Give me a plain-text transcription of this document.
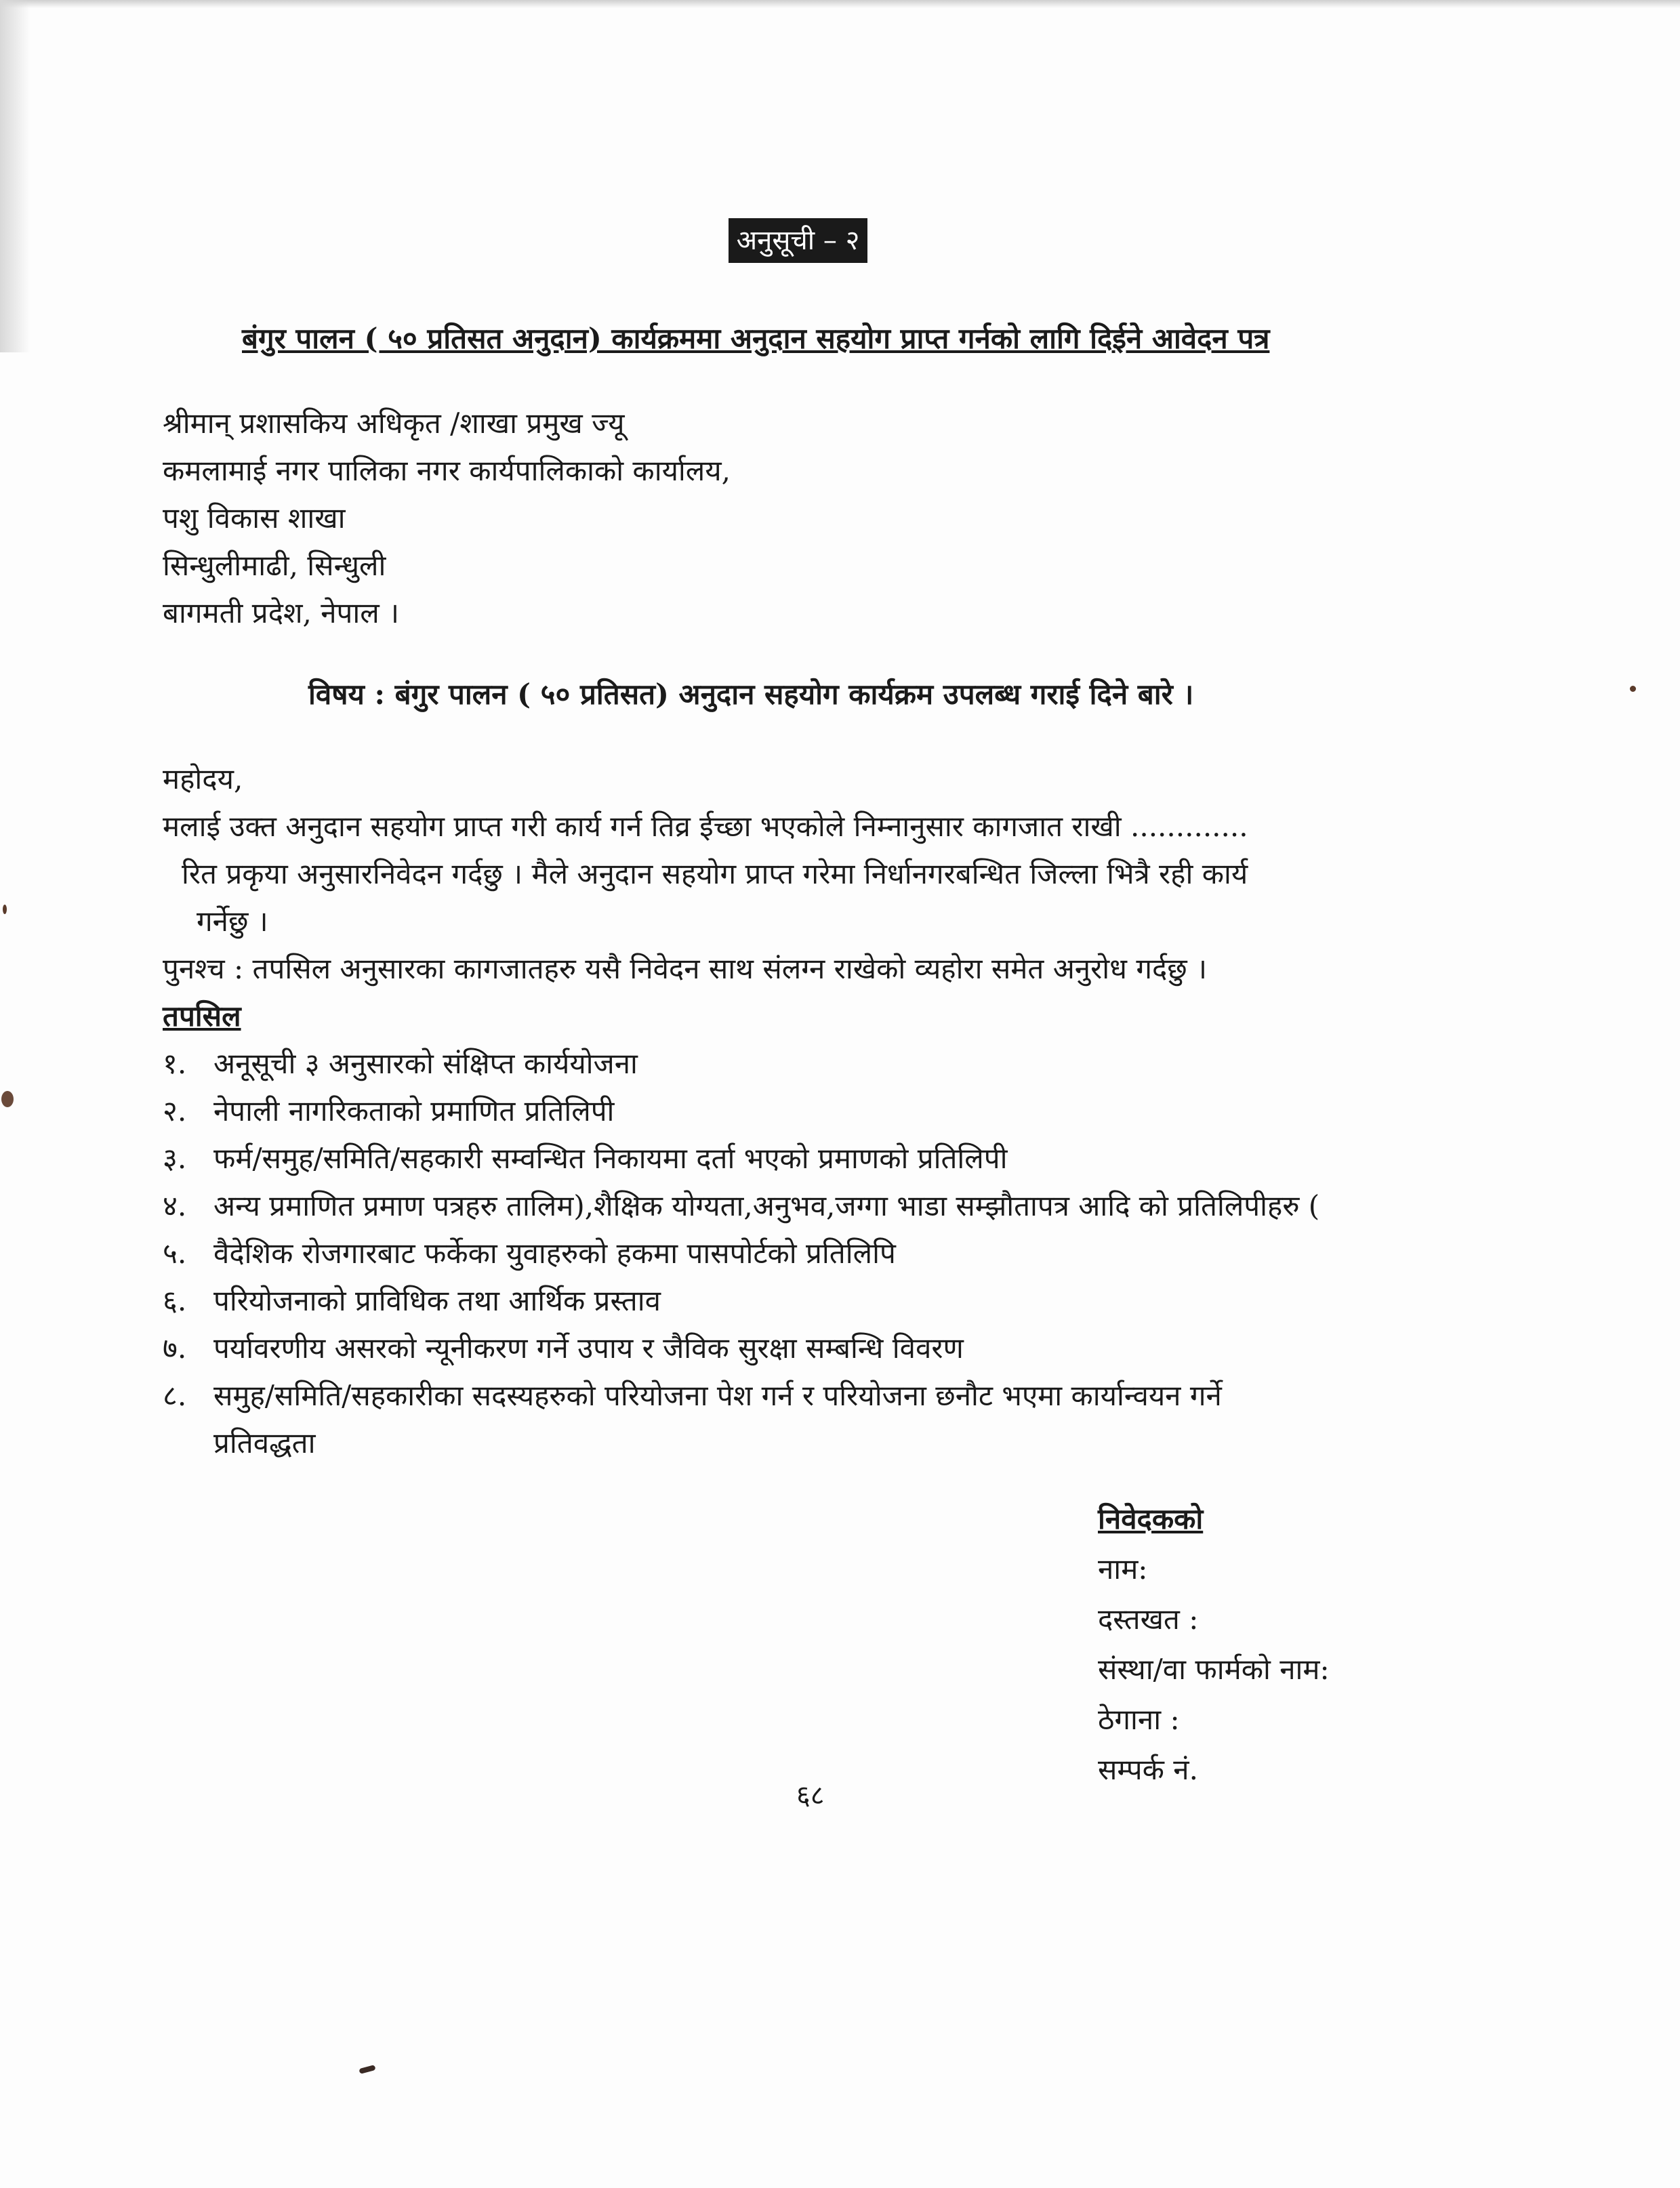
अनुसूची – २
बंगुर पालन ( ५० प्रतिसत अनुदान) कार्यक्रममा अनुदान सहयोग प्राप्त गर्नको लागि दिईने आवेदन पत्र
श्रीमान् प्रशासकिय अधिकृत /शाखा प्रमुख ज्यू
कमलामाई नगर पालिका नगर कार्यपालिकाको कार्यालय,
पशु विकास शाखा
सिन्धुलीमाढी, सिन्धुली
बागमती प्रदेश, नेपाल ।
विषय : बंगुर पालन ( ५० प्रतिसत) अनुदान सहयोग कार्यक्रम उपलब्ध गराई दिने बारे ।
महोदय,
मलाई उक्त अनुदान सहयोग प्राप्त गरी कार्य गर्न तिव्र ईच्छा भएकोले निम्नानुसार कागजात राखी .............
रित प्रकृया अनुसारनिवेदन गर्दछु । मैले अनुदान सहयोग प्राप्त गरेमा निर्धानगरबन्धित जिल्ला भित्रै रही कार्य
गर्नेछु ।
पुनश्च : तपसिल अनुसारका कागजातहरु यसै निवेदन साथ संलग्न राखेको व्यहोरा समेत अनुरोध गर्दछु ।
तपसिल
१. अनूसूची ३ अनुसारको संक्षिप्त कार्ययोजना
२. नेपाली नागरिकताको प्रमाणित प्रतिलिपी
३. फर्म/समुह/समिति/सहकारी सम्वन्धित निकायमा दर्ता भएको प्रमाणको प्रतिलिपी
४. अन्य प्रमाणित प्रमाण पत्रहरु तालिम),शैक्षिक योग्यता,अनुभव,जग्गा भाडा सम्झौतापत्र आदि को प्रतिलिपीहरु (
५. वैदेशिक रोजगारबाट फर्केका युवाहरुको हकमा पासपोर्टको प्रतिलिपि
६. परियोजनाको प्राविधिक तथा आर्थिक प्रस्ताव
७. पर्यावरणीय असरको न्यूनीकरण गर्ने उपाय र जैविक सुरक्षा सम्बन्धि विवरण
८. समुह/समिति/सहकारीका सदस्यहरुको परियोजना पेश गर्न र परियोजना छनौट भएमा कार्यान्वयन गर्ने
प्रतिवद्धता
निवेदकको
नाम:
दस्तखत :
संस्था/वा फार्मको नाम:
ठेगाना :
सम्पर्क नं.
६८
